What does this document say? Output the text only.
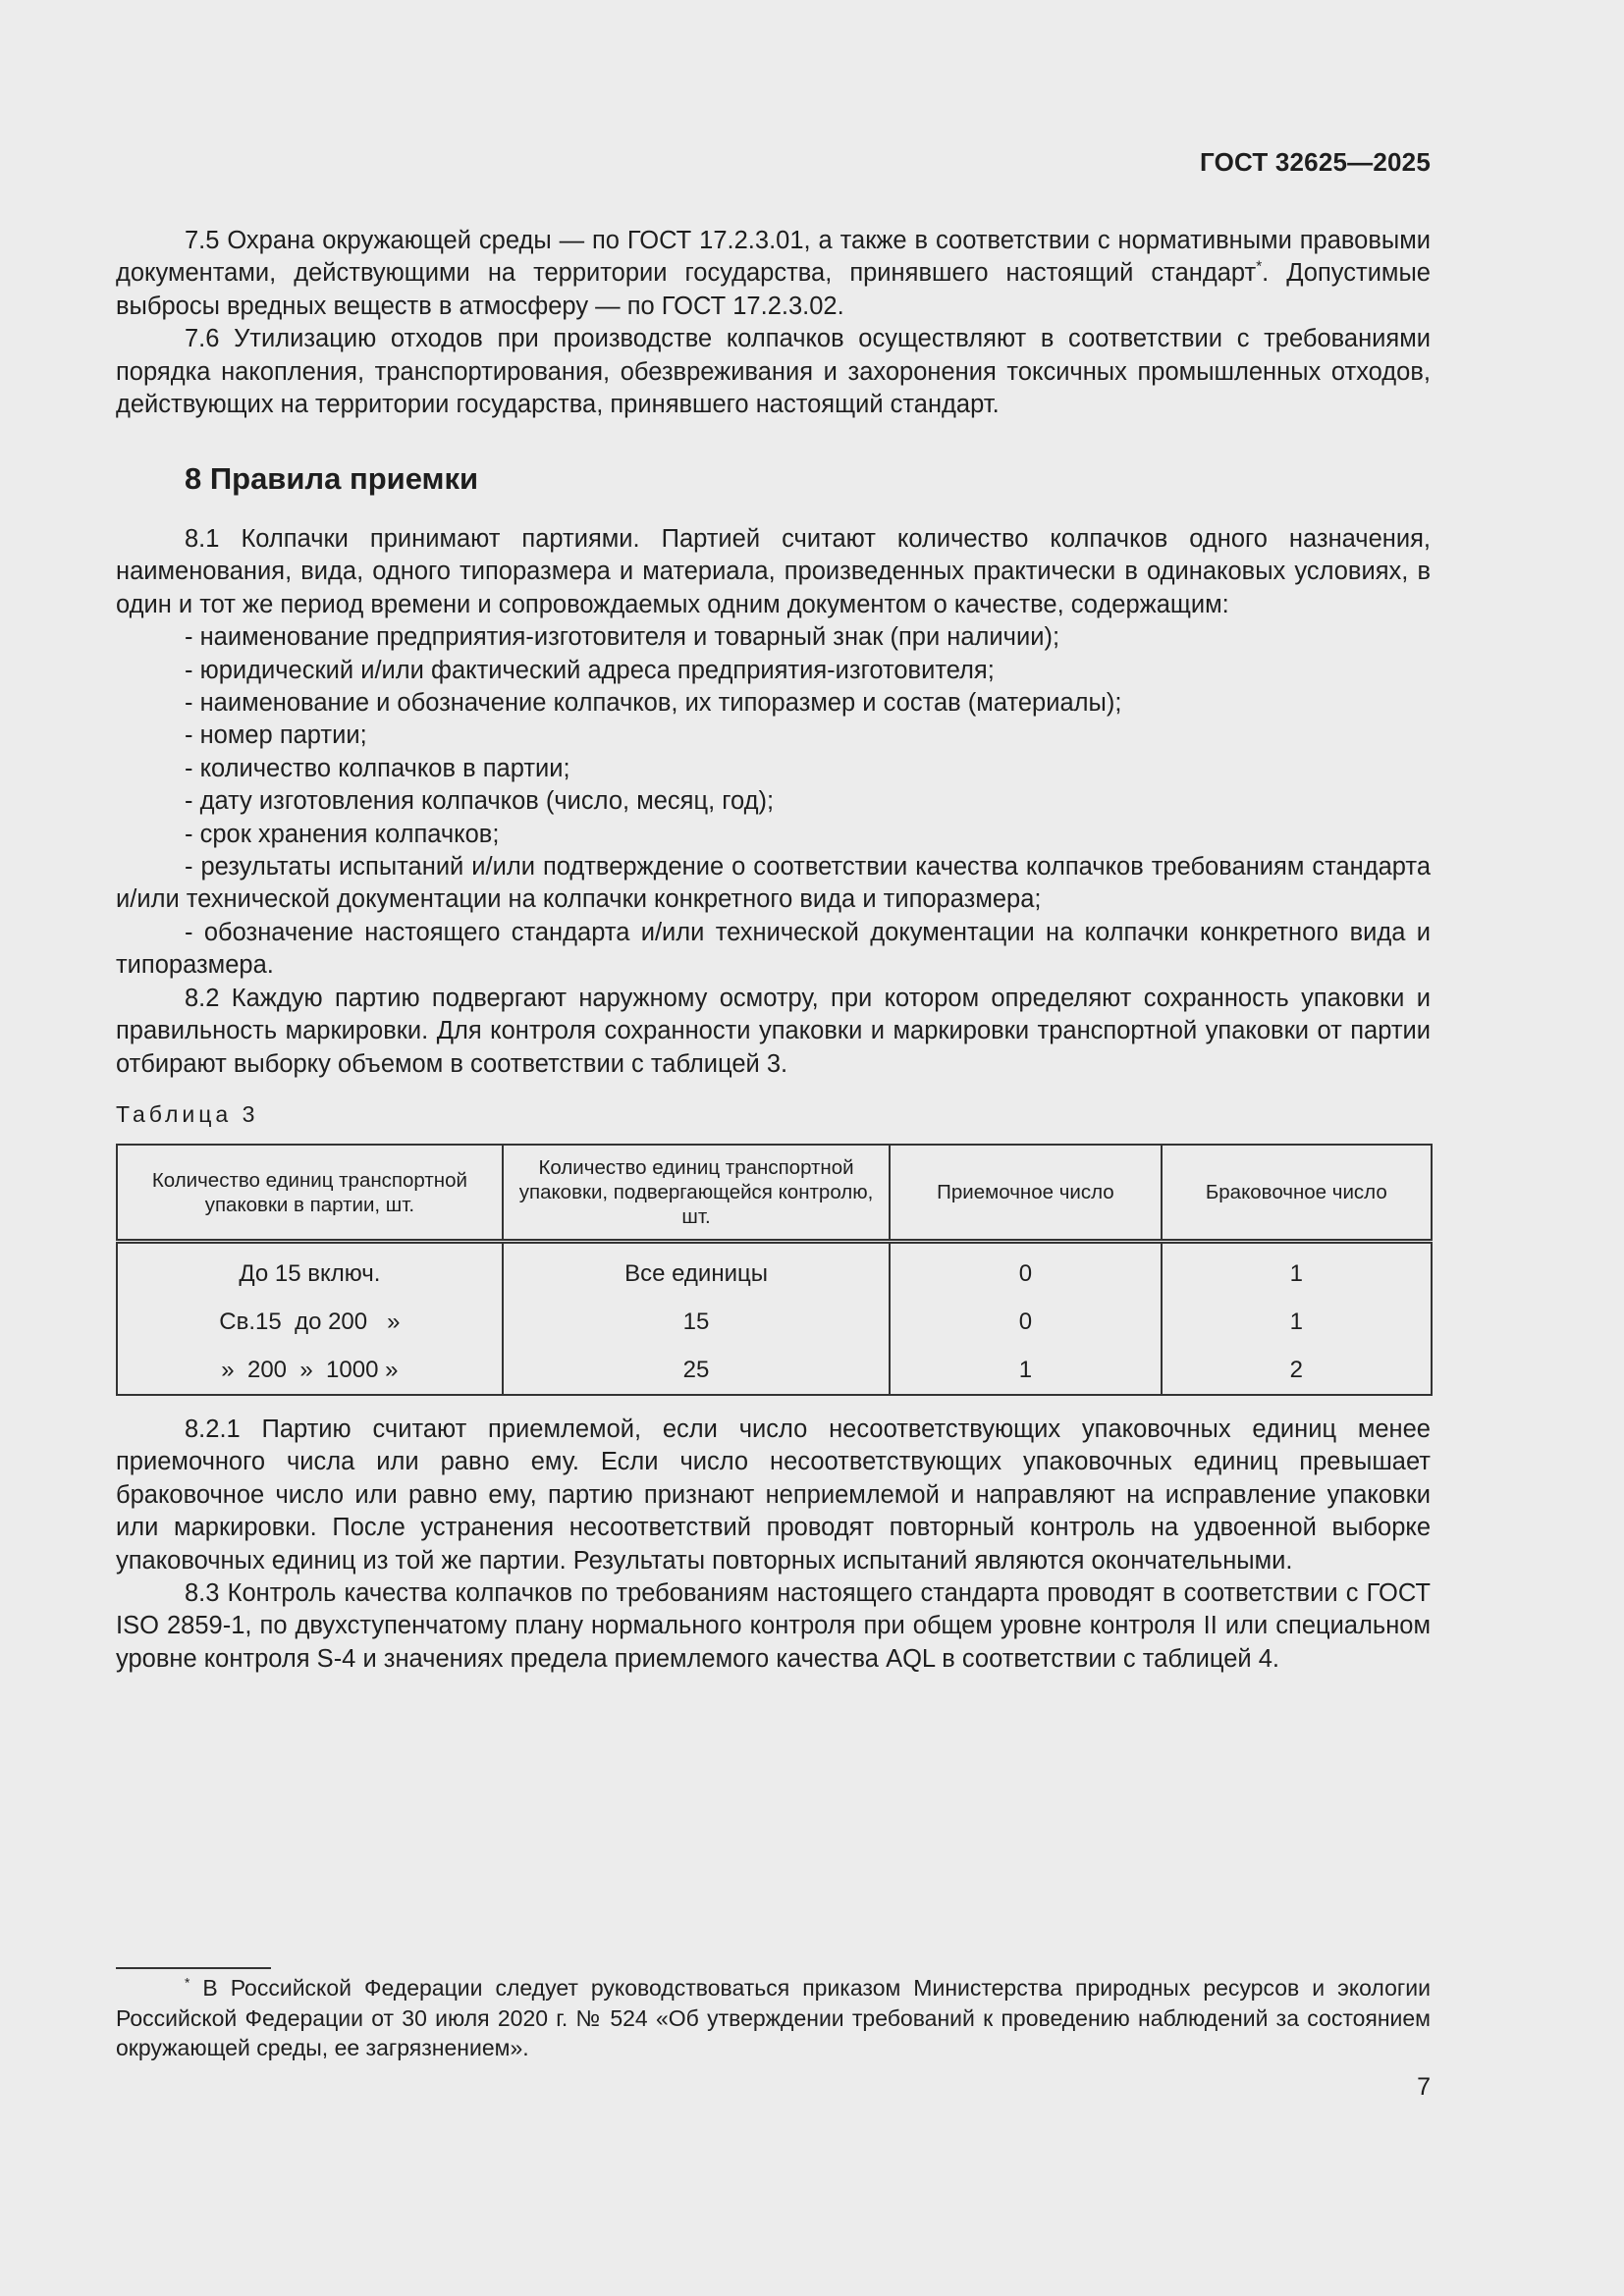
ГОСТ 32625—2025

7.5 Охрана окружающей среды — по ГОСТ 17.2.3.01, а также в соответствии с нормативными правовыми документами, действующими на территории государства, принявшего настоящий стандарт*. Допустимые выбросы вредных веществ в атмосферу — по ГОСТ 17.2.3.02.

7.6 Утилизацию отходов при производстве колпачков осуществляют в соответствии с требованиями порядка накопления, транспортирования, обезвреживания и захоронения токсичных промышленных отходов, действующих на территории государства, принявшего настоящий стандарт.

8 Правила приемки

8.1 Колпачки принимают партиями. Партией считают количество колпачков одного назначения, наименования, вида, одного типоразмера и материала, произведенных практически в одинаковых условиях, в один и тот же период времени и сопровождаемых одним документом о качестве, содержащим:

- наименование предприятия-изготовителя и товарный знак (при наличии);

- юридический и/или фактический адреса предприятия-изготовителя;

- наименование и обозначение колпачков, их типоразмер и состав (материалы);

- номер партии;

- количество колпачков в партии;

- дату изготовления колпачков (число, месяц, год);

- срок хранения колпачков;

- результаты испытаний и/или подтверждение о соответствии качества колпачков требованиям стандарта и/или технической документации на колпачки конкретного вида и типоразмера;

- обозначение настоящего стандарта и/или технической документации на колпачки конкретного вида и типоразмера.

8.2 Каждую партию подвергают наружному осмотру, при котором определяют сохранность упаковки и правильность маркировки. Для контроля сохранности упаковки и маркировки транспортной упаковки от партии отбирают выборку объемом в соответствии с таблицей 3.

Таблица 3
Количество единиц транспортной упаковки в партии, шт.	Количество единиц транспортной упаковки, подвергающейся контролю, шт.	Приемочное число	Браковочное число
До 15 включ.	Все единицы	0	1
Св.15  до 200   »	15	0	1
»  200  »  1000 »	25	1	2

8.2.1 Партию считают приемлемой, если число несоответствующих упаковочных единиц менее приемочного числа или равно ему. Если число несоответствующих упаковочных единиц превышает браковочное число или равно ему, партию признают неприемлемой и направляют на исправление упаковки или маркировки. После устранения несоответствий проводят повторный контроль на удвоенной выборке упаковочных единиц из той же партии. Результаты повторных испытаний являются окончательными.

8.3 Контроль качества колпачков по требованиям настоящего стандарта проводят в соответствии с ГОСТ ISO 2859-1, по двухступенчатому плану нормального контроля при общем уровне контроля II или специальном уровне контроля S-4 и значениях предела приемлемого качества AQL в соответствии с таблицей 4.

* В Российской Федерации следует руководствоваться приказом Министерства природных ресурсов и экологии Российской Федерации от 30 июля 2020 г. № 524 «Об утверждении требований к проведению наблюдений за состоянием окружающей среды, ее загрязнением».

7
